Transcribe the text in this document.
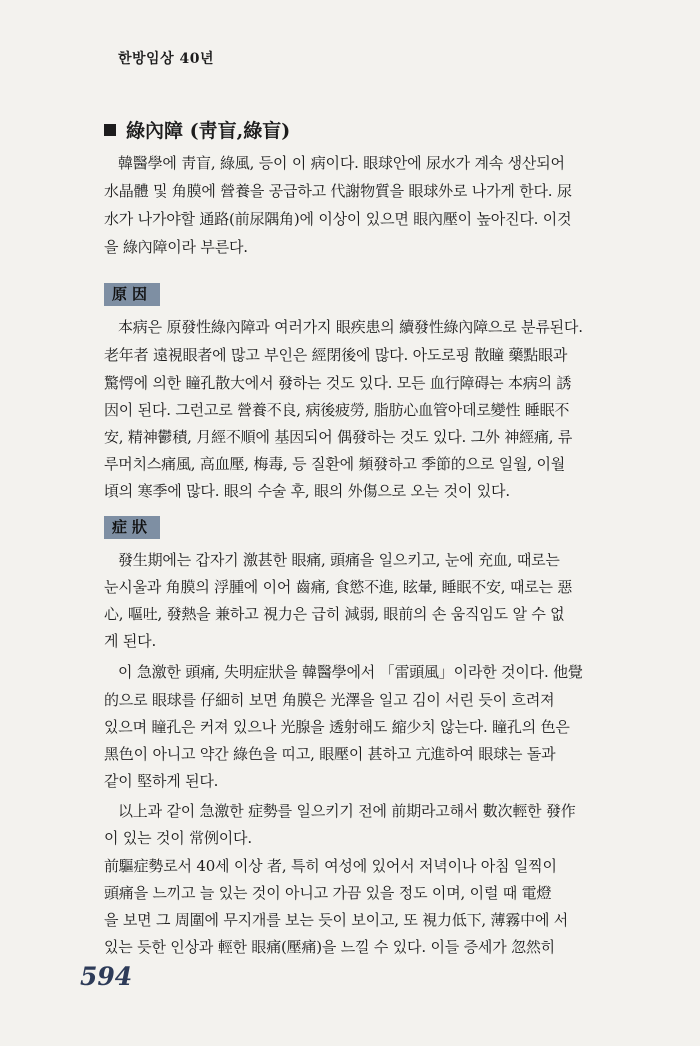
한방임상 40년
綠內障 (靑盲,綠盲)
韓醫學에 靑盲, 綠風, 등이 이 病이다. 眼球안에 尿水가 계속 생산되어
水晶體 및 角膜에 營養을 공급하고 代謝物質을 眼球外로 나가게 한다. 尿
水가 나가야할 通路(前尿隅角)에 이상이 있으면 眼內壓이 높아진다. 이것
을 綠內障이라 부른다.
原因
本病은 原發性綠內障과 여러가지 眼疾患의 續發性綠內障으로 분류된다.
老年者 遠視眼者에 많고 부인은 經閉後에 많다. 아도로핑 散瞳 藥點眼과
驚愕에 의한 瞳孔散大에서 發하는 것도 있다. 모든 血行障碍는 本病의 誘
因이 된다. 그런고로 營養不良, 病後疲勞, 脂肪心血管아데로變性 睡眠不
安, 精神鬱積, 月經不順에 基因되어 偶發하는 것도 있다. 그外 神經痛, 류
루머치스痛風, 高血壓, 梅毒, 등 질환에 頻發하고 季節的으로 일월, 이월
頃의 寒季에 많다. 眼의 수술 후, 眼의 外傷으로 오는 것이 있다.
症狀
發生期에는 갑자기 激甚한 眼痛, 頭痛을 일으키고, 눈에 充血, 때로는
눈시울과 角膜의 浮腫에 이어 齒痛, 食慾不進, 眩暈, 睡眠不安, 때로는 惡
心, 嘔吐, 發熱을 兼하고 視力은 급히 減弱, 眼前의 손 움직임도 알 수 없
게 된다.
이 急激한 頭痛, 失明症狀을 韓醫學에서 「雷頭風」이라한 것이다. 他覺
的으로 眼球를 仔細히 보면 角膜은 光澤을 일고 김이 서린 듯이 흐려져
있으며 瞳孔은 커져 있으나 光腺을 透射해도 縮少치 않는다. 瞳孔의 色은
黑色이 아니고 약간 綠色을 띠고, 眼壓이 甚하고 亢進하여 眼球는 돌과
같이 堅하게 된다.
以上과 같이 急激한 症勢를 일으키기 전에 前期라고해서 數次輕한 發作
이 있는 것이 常例이다.
前驅症勢로서 40세 이상 者, 특히 여성에 있어서 저녁이나 아침 일찍이
頭痛을 느끼고 늘 있는 것이 아니고 가끔 있을 정도 이며, 이럴 때 電燈
을 보면 그 周圍에 무지개를 보는 듯이 보이고, 또 視力低下, 薄霧中에 서
있는 듯한 인상과 輕한 眼痛(壓痛)을 느낄 수 있다. 이들 증세가 忽然히
594
